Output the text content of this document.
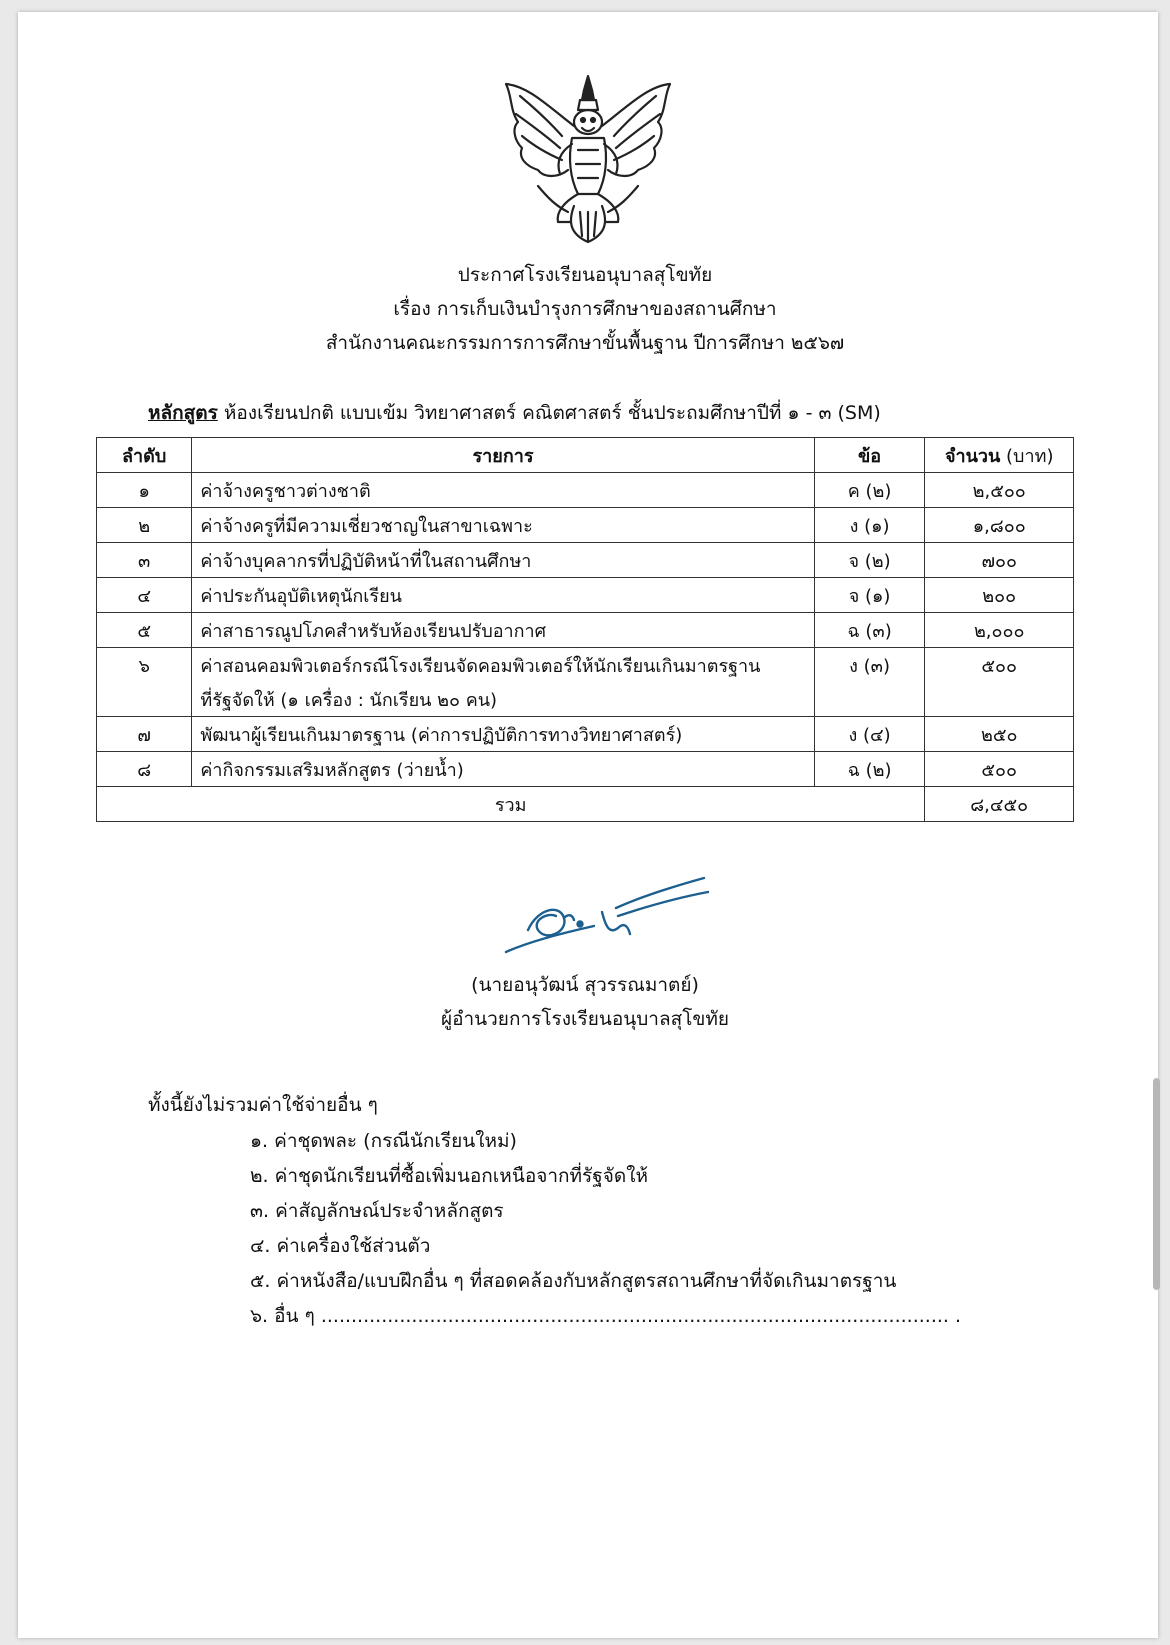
ประกาศโรงเรียนอนุบาลสุโขทัย
เรื่อง การเก็บเงินบำรุงการศึกษาของสถานศึกษา
สำนักงานคณะกรรมการการศึกษาขั้นพื้นฐาน ปีการศึกษา ๒๕๖๗
หลักสูตร ห้องเรียนปกติ แบบเข้ม วิทยาศาสตร์ คณิตศาสตร์ ชั้นประถมศึกษาปีที่ ๑ - ๓ (SM)
ลำดับ	รายการ	ข้อ	จำนวน (บาท)
๑	ค่าจ้างครูชาวต่างชาติ	ค (๒)	๒,๕๐๐
๒	ค่าจ้างครูที่มีความเชี่ยวชาญในสาขาเฉพาะ	ง (๑)	๑,๘๐๐
๓	ค่าจ้างบุคลากรที่ปฏิบัติหน้าที่ในสถานศึกษา	จ (๒)	๗๐๐
๔	ค่าประกันอุบัติเหตุนักเรียน	จ (๑)	๒๐๐
๕	ค่าสาธารณูปโภคสำหรับห้องเรียนปรับอากาศ	ฉ (๓)	๒,๐๐๐
๖	ค่าสอนคอมพิวเตอร์กรณีโรงเรียนจัดคอมพิวเตอร์ให้นักเรียนเกินมาตรฐาน	ง (๓)	๕๐๐
	ที่รัฐจัดให้ (๑ เครื่อง : นักเรียน ๒๐ คน)		
๗	พัฒนาผู้เรียนเกินมาตรฐาน (ค่าการปฏิบัติการทางวิทยาศาสตร์)	ง (๔)	๒๕๐
๘	ค่ากิจกรรมเสริมหลักสูตร (ว่ายน้ำ)	ฉ (๒)	๕๐๐
รวม			๘,๔๕๐
(นายอนุวัฒน์ สุวรรณมาตย์)
ผู้อำนวยการโรงเรียนอนุบาลสุโขทัย
ทั้งนี้ยังไม่รวมค่าใช้จ่ายอื่น ๆ
๑. ค่าชุดพละ (กรณีนักเรียนใหม่)
๒. ค่าชุดนักเรียนที่ซื้อเพิ่มนอกเหนือจากที่รัฐจัดให้
๓. ค่าสัญลักษณ์ประจำหลักสูตร
๔. ค่าเครื่องใช้ส่วนตัว
๕. ค่าหนังสือ/แบบฝึกอื่น ๆ ที่สอดคล้องกับหลักสูตรสถานศึกษาที่จัดเกินมาตรฐาน
๖. อื่น ๆ ........................................................................................................ .
